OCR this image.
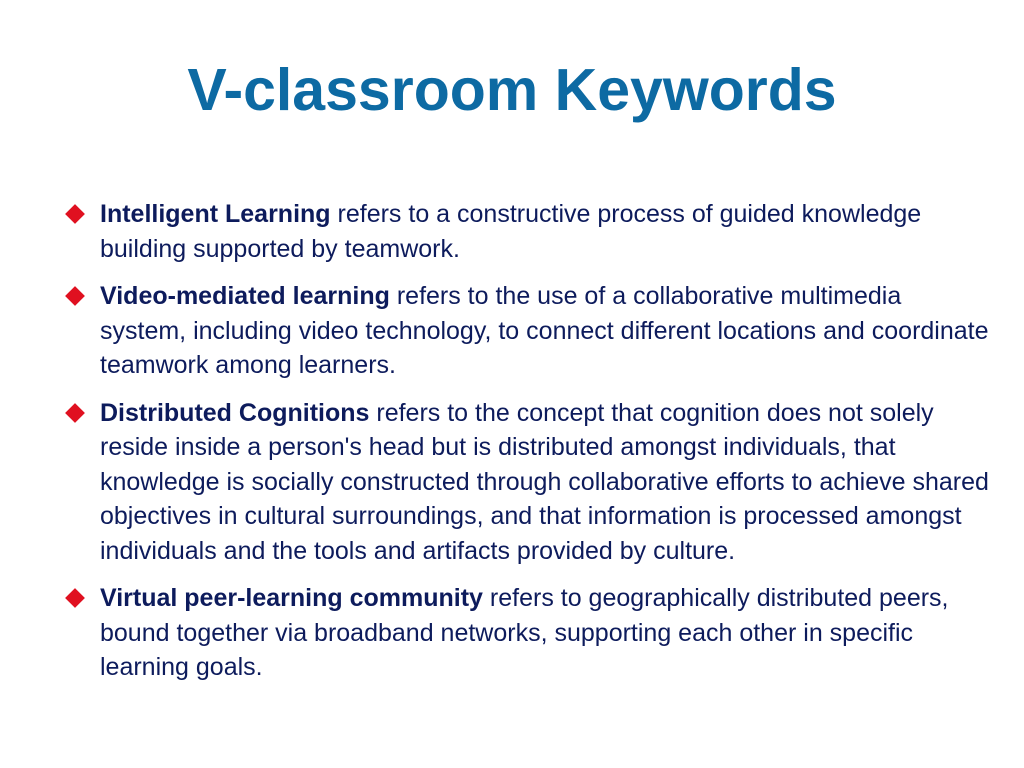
V-classroom Keywords
Intelligent Learning refers to a constructive process of guided knowledge building supported by teamwork.
Video-mediated learning refers to the use of a collaborative multimedia system, including video technology, to connect different locations and coordinate teamwork among learners.
Distributed Cognitions refers to the concept that cognition does not solely reside inside a person's head but is distributed amongst individuals, that knowledge is socially constructed through collaborative efforts to achieve shared objectives in cultural surroundings, and that information is processed amongst individuals and the tools and artifacts provided by culture.
Virtual peer-learning community refers to geographically distributed peers, bound together via broadband networks, supporting each other in specific learning goals.
